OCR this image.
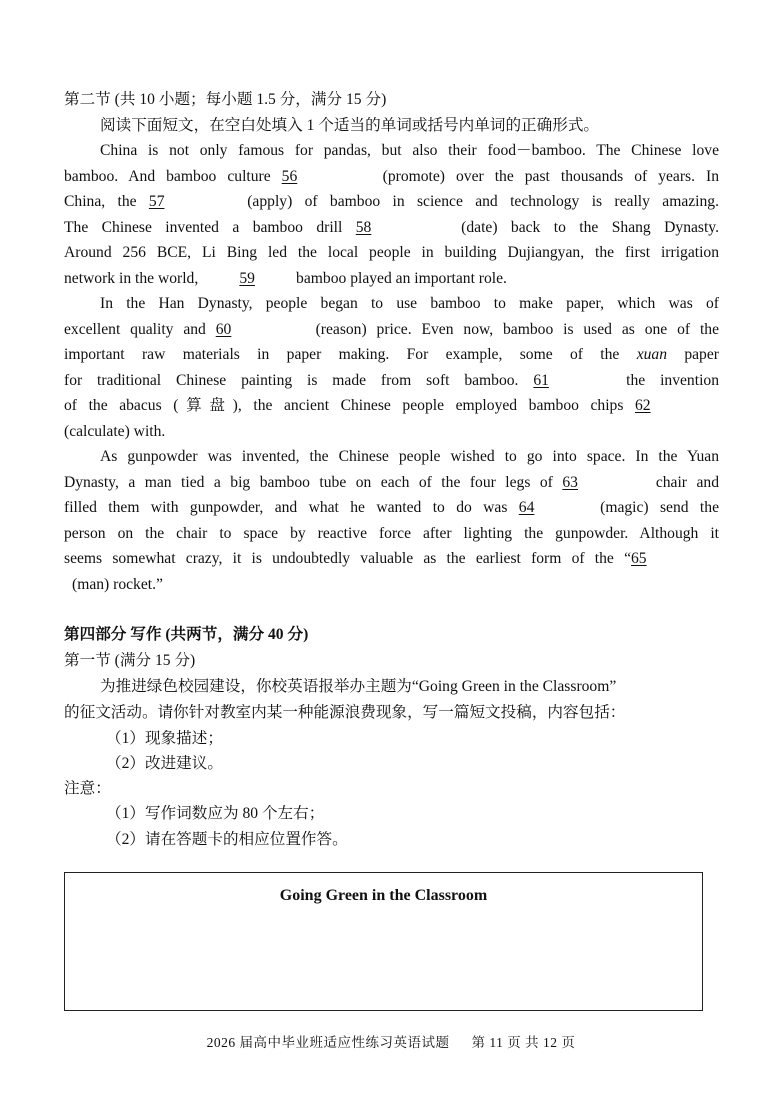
第二节 (共 10 小题；每小题 1.5 分，满分 15 分)
阅读下面短文，在空白处填入 1 个适当的单词或括号内单词的正确形式。
China is not only famous for pandas, but also their food－bamboo. The Chinese love
bamboo. And bamboo culture 56	(promote) over the past thousands of years. In
China, the 57	(apply) of bamboo in science and technology is really amazing.
The Chinese invented a bamboo drill 58	(date) back to the Shang Dynasty.
Around 256 BCE, Li Bing led the local people in building Dujiangyan, the first irrigation
network in the world, 59 bamboo played an important role.
In the Han Dynasty, people began to use bamboo to make paper, which was of
excellent quality and 60	(reason) price. Even now, bamboo is used as one of the
important raw materials in paper making. For example, some of the xuan paper
for traditional Chinese painting is made from soft bamboo. 61	the invention
of the abacus (算盘), the ancient Chinese people employed bamboo chips 62
(calculate) with.
As gunpowder was invented, the Chinese people wished to go into space. In the Yuan
Dynasty, a man tied a big bamboo tube on each of the four legs of 63	chair and
filled them with gunpowder, and what he wanted to do was 64	(magic) send the
person on the chair to space by reactive force after lighting the gunpowder. Although it
seems somewhat crazy, it is undoubtedly valuable as the earliest form of the “65
(man) rocket.”
第四部分 写作 (共两节，满分 40 分)
第一节 (满分 15 分)
为推进绿色校园建设，你校英语报举办主题为“Going Green in the Classroom”
的征文活动。请你针对教室内某一种能源浪费现象，写一篇短文投稿，内容包括：
（1）现象描述；
（2）改进建议。
注意：
（1）写作词数应为 80 个左右；
（2）请在答题卡的相应位置作答。
Going Green in the Classroom
2026 届高中毕业班适应性练习英语试题 第 11 页 共 12 页
